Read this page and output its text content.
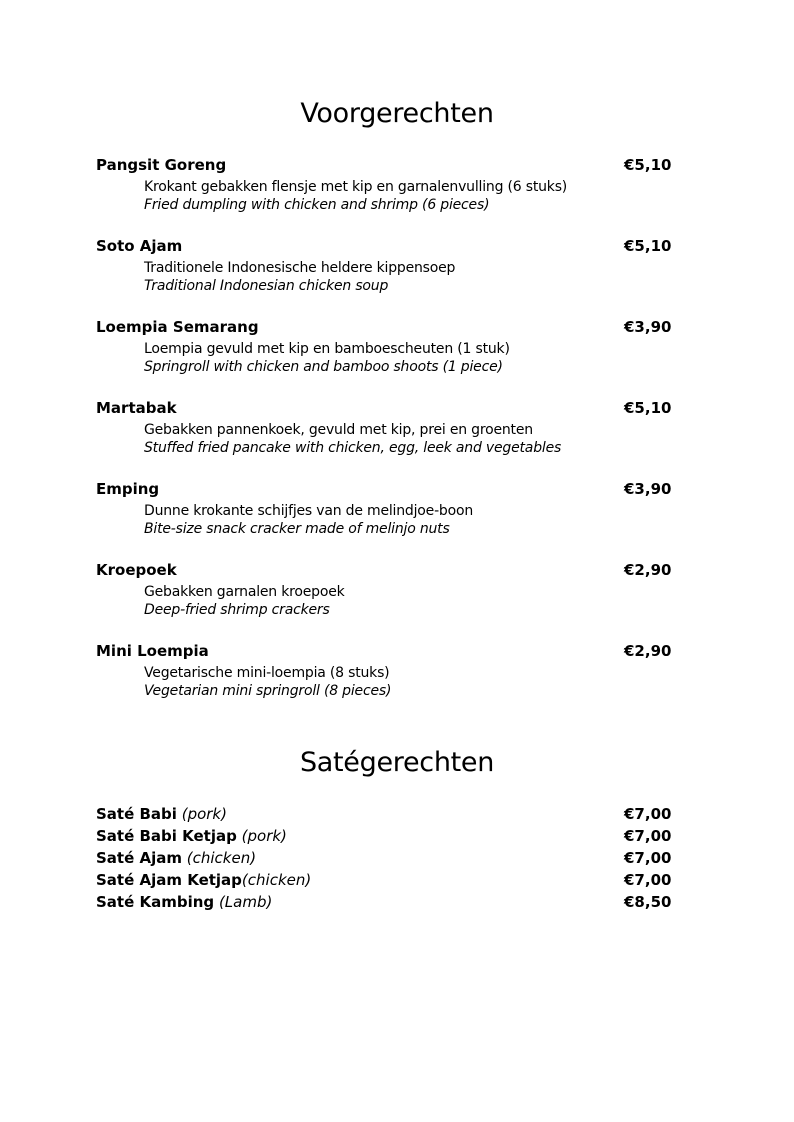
Voorgerechten
Pangsit Goreng	€5,10
Krokant gebakken flensje met kip en garnalenvulling (6 stuks)
Fried dumpling with chicken and shrimp (6 pieces)
Soto Ajam	€5,10
Traditionele Indonesische heldere kippensoep
Traditional Indonesian chicken soup
Loempia Semarang	€3,90
Loempia gevuld met kip en bamboescheuten (1 stuk)
Springroll with chicken and bamboo shoots (1 piece)
Martabak	€5,10
Gebakken pannenkoek, gevuld met kip, prei en groenten
Stuffed fried pancake with chicken, egg, leek and vegetables
Emping	€3,90
Dunne krokante schijfjes van de melindjoe-boon
Bite-size snack cracker made of melinjo nuts
Kroepoek	€2,90
Gebakken garnalen kroepoek
Deep-fried shrimp crackers
Mini Loempia	€2,90
Vegetarische mini-loempia (8 stuks)
Vegetarian mini springroll (8 pieces)
Satégerechten
Saté Babi (pork)	€7,00
Saté Babi Ketjap (pork)	€7,00
Saté Ajam (chicken)	€7,00
Saté Ajam Ketjap(chicken)	€7,00
Saté Kambing (Lamb)	€8,50
